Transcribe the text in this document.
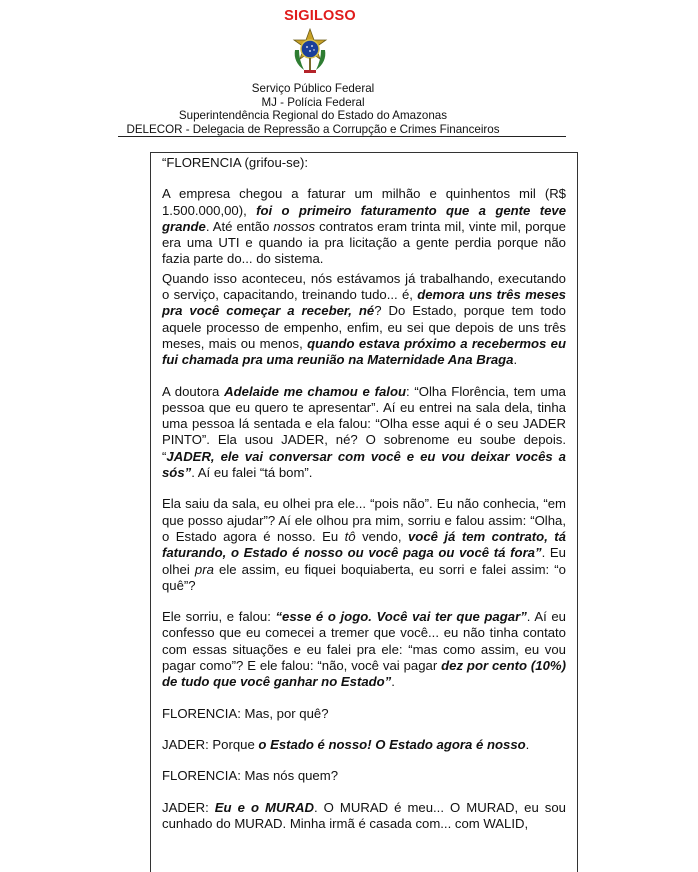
SIGILOSO
Serviço Público Federal
MJ - Polícia Federal
Superintendência Regional do Estado do Amazonas
DELECOR - Delegacia de Repressão a Corrupção e Crimes Financeiros

“FLORENCIA (grifou-se):

A empresa chegou a faturar um milhão e quinhentos mil (R$ 1.500.000,00), foi o primeiro faturamento que a gente teve grande. Até então nossos contratos eram trinta mil, vinte mil, porque era uma UTI e quando ia pra licitação a gente perdia porque não fazia parte do... do sistema.

Quando isso aconteceu, nós estávamos já trabalhando, executando o serviço, capacitando, treinando tudo... é, demora uns três meses pra você começar a receber, né? Do Estado, porque tem todo aquele processo de empenho, enfim, eu sei que depois de uns três meses, mais ou menos, quando estava próximo a recebermos eu fui chamada pra uma reunião na Maternidade Ana Braga.

A doutora Adelaide me chamou e falou: “Olha Florência, tem uma pessoa que eu quero te apresentar”. Aí eu entrei na sala dela, tinha uma pessoa lá sentada e ela falou: “Olha esse aqui é o seu JADER PINTO”. Ela usou JADER, né? O sobrenome eu soube depois. “JADER, ele vai conversar com você e eu vou deixar vocês a sós”. Aí eu falei “tá bom”.

Ela saiu da sala, eu olhei pra ele... “pois não”. Eu não conhecia, “em que posso ajudar”? Aí ele olhou pra mim, sorriu e falou assim: “Olha, o Estado agora é nosso. Eu tô vendo, você já tem contrato, tá faturando, o Estado é nosso ou você paga ou você tá fora”. Eu olhei pra ele assim, eu fiquei boquiaberta, eu sorri e falei assim: “o quê”?

Ele sorriu, e falou: “esse é o jogo. Você vai ter que pagar”. Aí eu confesso que eu comecei a tremer que você... eu não tinha contato com essas situações e eu falei pra ele: “mas como assim, eu vou pagar como”? E ele falou: “não, você vai pagar dez por cento (10%) de tudo que você ganhar no Estado”.

FLORENCIA: Mas, por quê?

JADER: Porque o Estado é nosso! O Estado agora é nosso.

FLORENCIA: Mas nós quem?

JADER: Eu e o MURAD. O MURAD é meu... O MURAD, eu sou cunhado do MURAD. Minha irmã é casada com... com WALID,
